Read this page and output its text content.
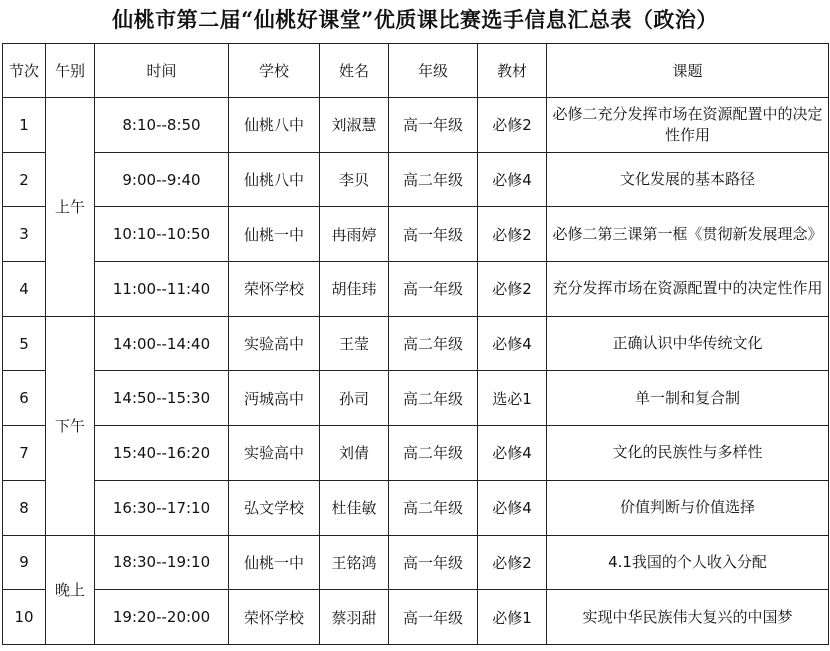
仙桃市第二届“仙桃好课堂”优质课比赛选手信息汇总表（政治）
节次	午别	时间	学校	姓名	年级	教材	课题
1	上午	8:10--8:50	仙桃八中	刘淑慧	高一年级	必修2	必修二充分发挥市场在资源配置中的决定性作用
2		9:00--9:40	仙桃八中	李贝	高二年级	必修4	文化发展的基本路径
3		10:10--10:50	仙桃一中	冉雨婷	高一年级	必修2	必修二第三课第一框《贯彻新发展理念》
4		11:00--11:40	荣怀学校	胡佳玮	高一年级	必修2	充分发挥市场在资源配置中的决定性作用
5	下午	14:00--14:40	实验高中	王莹	高二年级	必修4	正确认识中华传统文化
6		14:50--15:30	沔城高中	孙司	高二年级	选必1	单一制和复合制
7		15:40--16:20	实验高中	刘倩	高二年级	必修4	文化的民族性与多样性
8		16:30--17:10	弘文学校	杜佳敏	高二年级	必修4	价值判断与价值选择
9	晚上	18:30--19:10	仙桃一中	王铭鸿	高一年级	必修2	4.1我国的个人收入分配
10		19:20--20:00	荣怀学校	蔡羽甜	高一年级	必修1	实现中华民族伟大复兴的中国梦
